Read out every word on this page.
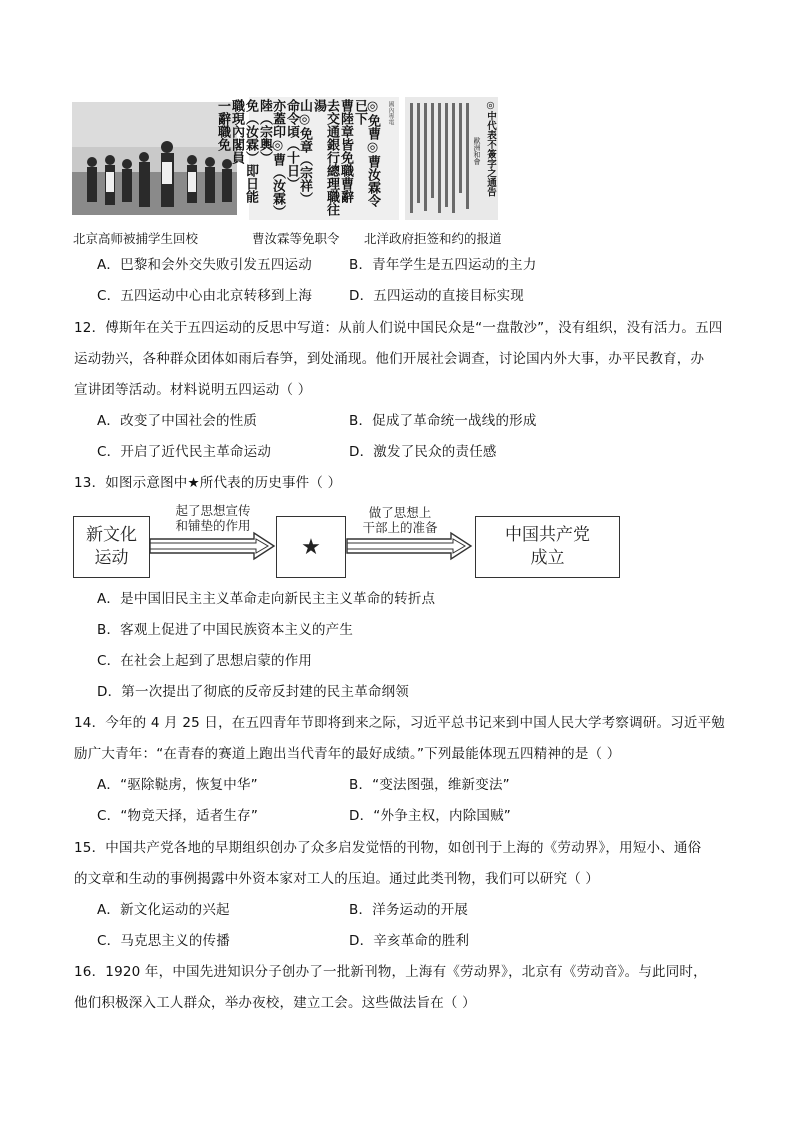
國內專電
◎免曹◎曹汝霖令已下
曹陸章皆免職曹辭
去交通銀行總理職往湯
山◎免章（宗祥）命令頃（十日）
亦蓋印◎曹（汝霖）陸（宗輿）
免（汝霖）即日能
職現內閣員
一辭職免	◎中代表不簽字之通告
歐洲和會
北京高师被捕学生回校	曹汝霖等免职令 北洋政府拒签和约的报道
A．巴黎和会外交失败引发五四运动	B．青年学生是五四运动的主力
C．五四运动中心由北京转移到上海	D．五四运动的直接目标实现
12．傅斯年在关于五四运动的反思中写道：从前人们说中国民众是“一盘散沙”，没有组织，没有活力。五四
运动勃兴，各种群众团体如雨后春笋，到处涌现。他们开展社会调查，讨论国内外大事，办平民教育，办
宣讲团等活动。材料说明五四运动（ ）
A．改变了中国社会的性质	B．促成了革命统一战线的形成
C．开启了近代民主革命运动	D．激发了民众的责任感
13．如图示意图中★所代表的历史事件（ ）
新文化
运动
起了思想宣传
和铺垫的作用
★
做了思想上
干部上的准备	中国共产党
成立
A．是中国旧民主主义革命走向新民主主义革命的转折点
B．客观上促进了中国民族资本主义的产生
C．在社会上起到了思想启蒙的作用
D．第一次提出了彻底的反帝反封建的民主革命纲领
14．今年的 4 月 25 日，在五四青年节即将到来之际，习近平总书记来到中国人民大学考察调研。习近平勉
励广大青年：“在青春的赛道上跑出当代青年的最好成绩。”下列最能体现五四精神的是（ ）
A．“驱除鞑虏，恢复中华”	B．“变法图强，维新变法”
C．“物竞天择，适者生存”	D．“外争主权，内除国贼”
15．中国共产党各地的早期组织创办了众多启发觉悟的刊物，如创刊于上海的《劳动界》，用短小、通俗
的文章和生动的事例揭露中外资本家对工人的压迫。通过此类刊物，我们可以研究（ ）
A．新文化运动的兴起	B．洋务运动的开展
C．马克思主义的传播	D．辛亥革命的胜利
16．1920 年，中国先进知识分子创办了一批新刊物，上海有《劳动界》，北京有《劳动音》。与此同时，
他们积极深入工人群众，举办夜校，建立工会。这些做法旨在（ ）
